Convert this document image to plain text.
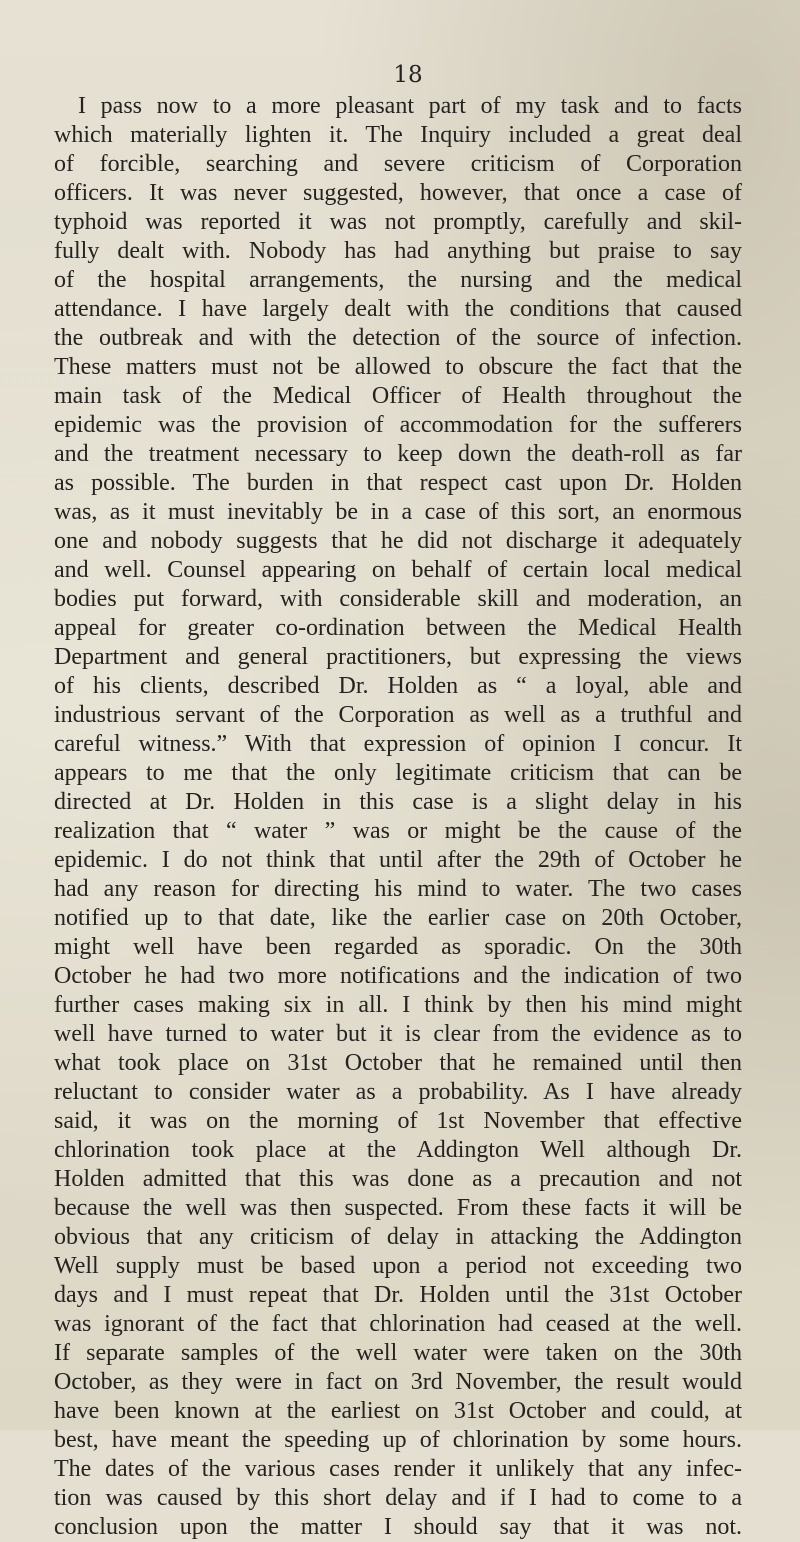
18
I pass now to a more pleasant part of my task and to facts
which materially lighten it. The Inquiry included a great deal
of forcible, searching and severe criticism of Corporation
officers. It was never suggested, however, that once a case of
typhoid was reported it was not promptly, carefully and skil-
fully dealt with. Nobody has had anything but praise to say
of the hospital arrangements, the nursing and the medical
attendance. I have largely dealt with the conditions that caused
the outbreak and with the detection of the source of infection.
These matters must not be allowed to obscure the fact that the
main task of the Medical Officer of Health throughout the
epidemic was the provision of accommodation for the sufferers
and the treatment necessary to keep down the death-roll as far
as possible. The burden in that respect cast upon Dr. Holden
was, as it must inevitably be in a case of this sort, an enormous
one and nobody suggests that he did not discharge it adequately
and well. Counsel appearing on behalf of certain local medical
bodies put forward, with considerable skill and moderation, an
appeal for greater co-ordination between the Medical Health
Department and general practitioners, but expressing the views
of his clients, described Dr. Holden as “ a loyal, able and
industrious servant of the Corporation as well as a truthful and
careful witness.” With that expression of opinion I concur. It
appears to me that the only legitimate criticism that can be
directed at Dr. Holden in this case is a slight delay in his
realization that “ water ” was or might be the cause of the
epidemic. I do not think that until after the 29th of October he
had any reason for directing his mind to water. The two cases
notified up to that date, like the earlier case on 20th October,
might well have been regarded as sporadic. On the 30th
October he had two more notifications and the indication of two
further cases making six in all. I think by then his mind might
well have turned to water but it is clear from the evidence as to
what took place on 31st October that he remained until then
reluctant to consider water as a probability. As I have already
said, it was on the morning of 1st November that effective
chlorination took place at the Addington Well although Dr.
Holden admitted that this was done as a precaution and not
because the well was then suspected. From these facts it will be
obvious that any criticism of delay in attacking the Addington
Well supply must be based upon a period not exceeding two
days and I must repeat that Dr. Holden until the 31st October
was ignorant of the fact that chlorination had ceased at the well.
If separate samples of the well water were taken on the 30th
October, as they were in fact on 3rd November, the result would
have been known at the earliest on 31st October and could, at
best, have meant the speeding up of chlorination by some hours.
The dates of the various cases render it unlikely that any infec-
tion was caused by this short delay and if I had to come to a
conclusion upon the matter I should say that it was not.
